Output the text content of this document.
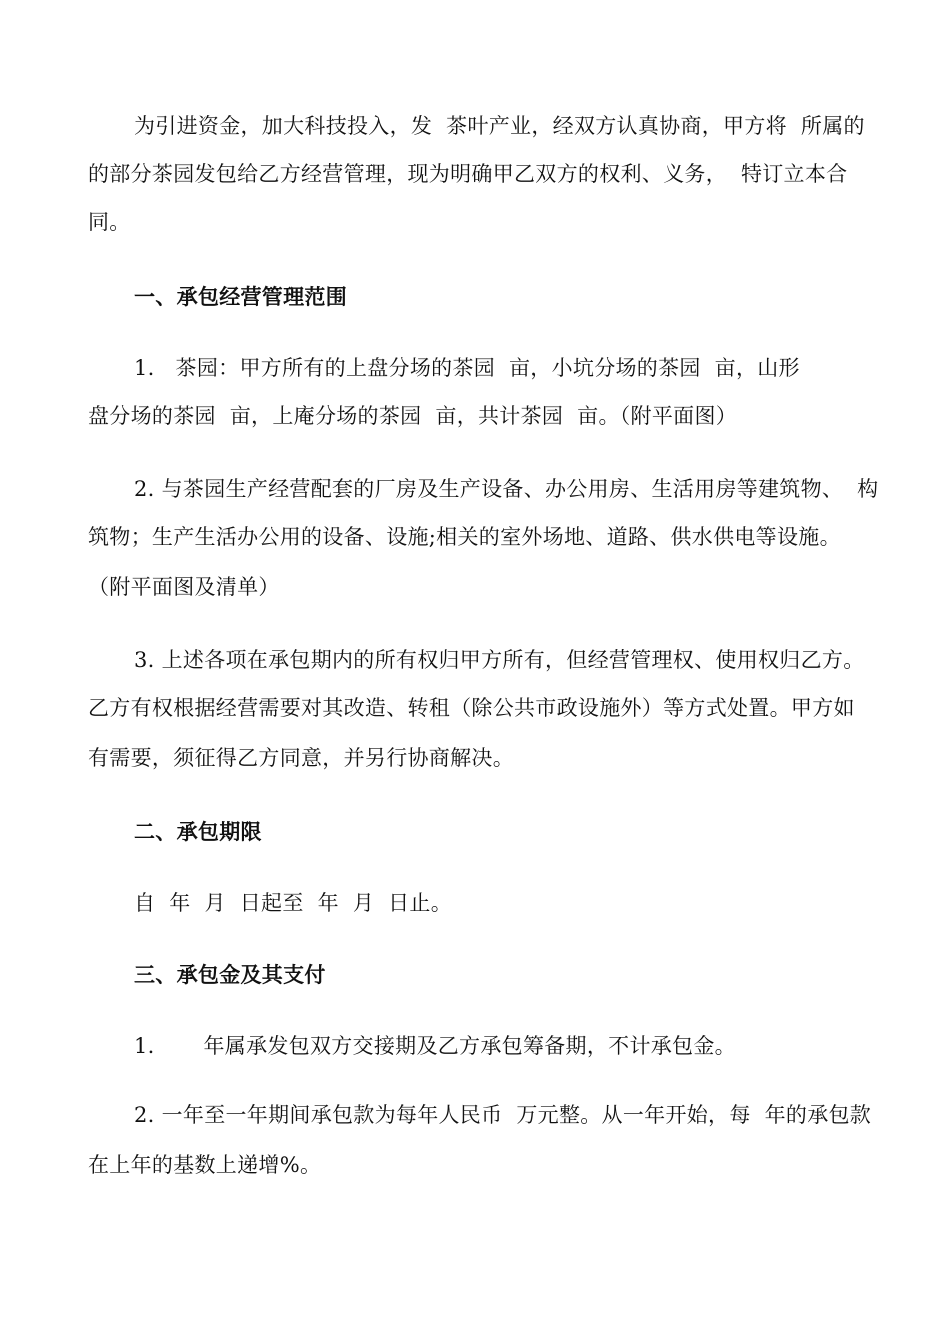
为引进资金，加大科技投入，发  茶叶产业，经双方认真协商，甲方将  所属的
的部分茶园发包给乙方经营管理，现为明确甲乙双方的权利、义务，  特订立本合
同。
一、承包经营管理范围
1.   茶园：甲方所有的上盘分场的茶园  亩，小坑分场的茶园  亩，山形
盘分场的茶园  亩，上庵分场的茶园  亩，共计茶园  亩。（附平面图）
2. 与茶园生产经营配套的厂房及生产设备、办公用房、生活用房等建筑物、  构
筑物；生产生活办公用的设备、设施;相关的室外场地、道路、供水供电等设施。
（附平面图及清单）
3. 上述各项在承包期内的所有权归甲方所有，但经营管理权、使用权归乙方。
乙方有权根据经营需要对其改造、转租（除公共市政设施外）等方式处置。甲方如
有需要，须征得乙方同意，并另行协商解决。
二、承包期限
自  年  月  日起至  年  月  日止。
三、承包金及其支付
1.       年属承发包双方交接期及乙方承包筹备期，不计承包金。
2. 一年至一年期间承包款为每年人民币  万元整。从一年开始，每  年的承包款
在上年的基数上递增%。
